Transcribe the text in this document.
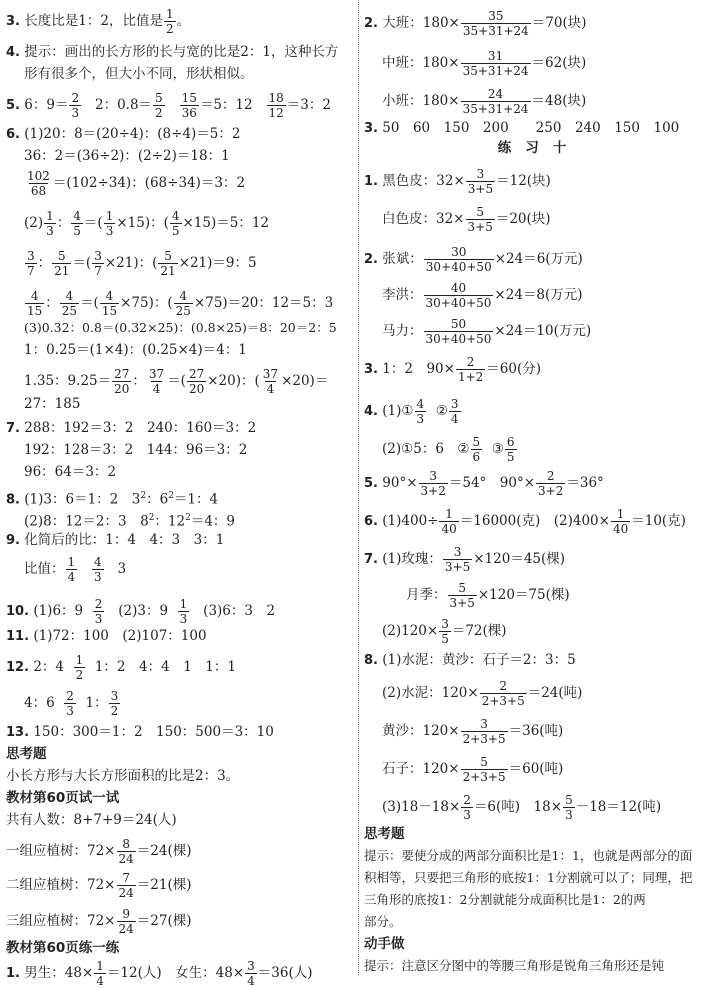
3. 长度比是1：2，比值是 $\frac{1}{2}$ 。
4. 提示：画出的长方形的长与宽的比是2：1，这种长方
形有很多个，但大小不同，形状相似。
5. 6：$9= \frac{2}{3} 2$：$0.8= \frac{5}{2}$
$\frac{15}{36} =5$：$12 \frac{18}{12} =3$：2
6. (1)20：8＝(20÷4)：(8÷4)＝5：2
36：2＝(36÷2)：(2÷2)＝18：1
$\frac{102}{68} =(102\div 34)$：(68÷34)＝3：2
$(2) \frac{1}{3}$ ： $\frac{4}{5}$ ＝( $\frac{1}{3} \times 15$)：( $\frac{4}{5} \times 15)=5$：12
$\frac{3}{7}$ ： $\frac{5}{21}$ ＝( $\frac{3}{7} \times 21$)：( $\frac{5}{21} \times 21)=9$：5
$\frac{4}{15}$ ： $\frac{4}{25}$ ＝( $\frac{4}{15} \times 75$)：( $\frac{4}{25} \times 75)=20$：12＝5：3
(3)0.32：0.8＝(0.32×25)：(0.8×25)＝8：20＝2：5
1：0.25＝(1×4)：(0.25×4)＝4：1
1.35：$9.25= \frac{27}{20}$ ： $\frac{37}{4}$ ＝( $\frac{27}{20} \times 20$)：( $\frac{37}{4} \times 20)=$
27：185
7. 288：192＝3：2　240：160＝3：2
192：128＝3：2　144：96＝3：2
96：64＝3：2
8. (1)3：6＝1：2　$3^2$：$6^2=1$：4
(2)8：12＝2：3　$8^2$：$12^2=4$：9
9. 化简后的比：1：4　4：3　3：1
比值： $\frac{1}{4}$
$\frac{4}{3} 3$
10. (1)6：$9 \frac{2}{3} (2)3$：$9 \frac{1}{3} (3)6$：3　2
11. (1)72：100　(2)107：100
12. 2：$4 \frac{1}{2} 1$：2　4：4　1　1：1
4：$6 \frac{2}{3} 1$： $\frac{3}{2}$
13. 150：300＝1：2　150：500＝3：10
思考题
小长方形与大长方形面积的比是2：3。
教材第60页试一试
共有人数：8+7+9＝24(人)
一组应植树：$72\times \frac{8}{24} =24$(棵)
二组应植树：$72\times \frac{7}{24} =21$(棵)
三组应植树：$72\times \frac{9}{24} =27$(棵)
教材第60页练一练
1. 男生：$48\times \frac{1}{4} =12$(人)　女生：$48\times \frac{3}{4} =36$(人)
2. 大班：$180\times \frac{35}{35+31+24} =70$(块)
中班：$180\times \frac{31}{35+31+24} =62$(块)
小班：$180\times \frac{24}{35+31+24} =48$(块)
3. 50　60　150　200　　250　240　150　100
练习十
1. 黑色皮：$32\times \frac{3}{3+5} =12$(块)
白色皮：$32\times \frac{5}{3+5} =20$(块)
2. 张斌： $\frac{30}{30+40+50} \times 24=6$(万元)
李洪： $\frac{40}{30+40+50} \times 24=8$(万元)
马力： $\frac{50}{30+40+50} \times 24=10$(万元)
3. 1：2　$90\times \frac{2}{1+2} =60$(分)
4. (1)① $\frac{4}{3}$ ② $\frac{3}{4}$
(2)①5：6　② $\frac{5}{6}$ ③ $\frac{6}{5}$
5. $90^\circ\times \frac{3}{3+2} =54^\circ$　$90^\circ\times \frac{2}{3+2} =36^\circ$
6. $(1)400\div \frac{1}{40} =16000$(克)　$(2)400\times \frac{1}{40} =10$(克)
7. (1)玫瑰： $\frac{3}{3+5} \times 120=45$(棵)
月季： $\frac{5}{3+5} \times 120=75$(棵)
$(2)120\times \frac{3}{5} =72$(棵)
8. (1)水泥：黄沙：石子＝2：3：5
(2)水泥：$120\times \frac{2}{2+3+5} =24$(吨)
黄沙：$120\times \frac{3}{2+3+5} =36$(吨)
石子：$120\times \frac{5}{2+3+5} =60$(吨)
$(3)18-18\times \frac{2}{3} =6$(吨)　$18\times \frac{5}{3} -18=12$(吨)
思考题
提示：要使分成的两部分面积比是1：1，也就是两部分的面
积相等，只要把三角形的底按1：1分割就可以了；同理，把
三角形的底按1：2分割就能分成面积比是1：2的两
部分。
动手做
提示：注意区分图中的等腰三角形是锐角三角形还是钝
